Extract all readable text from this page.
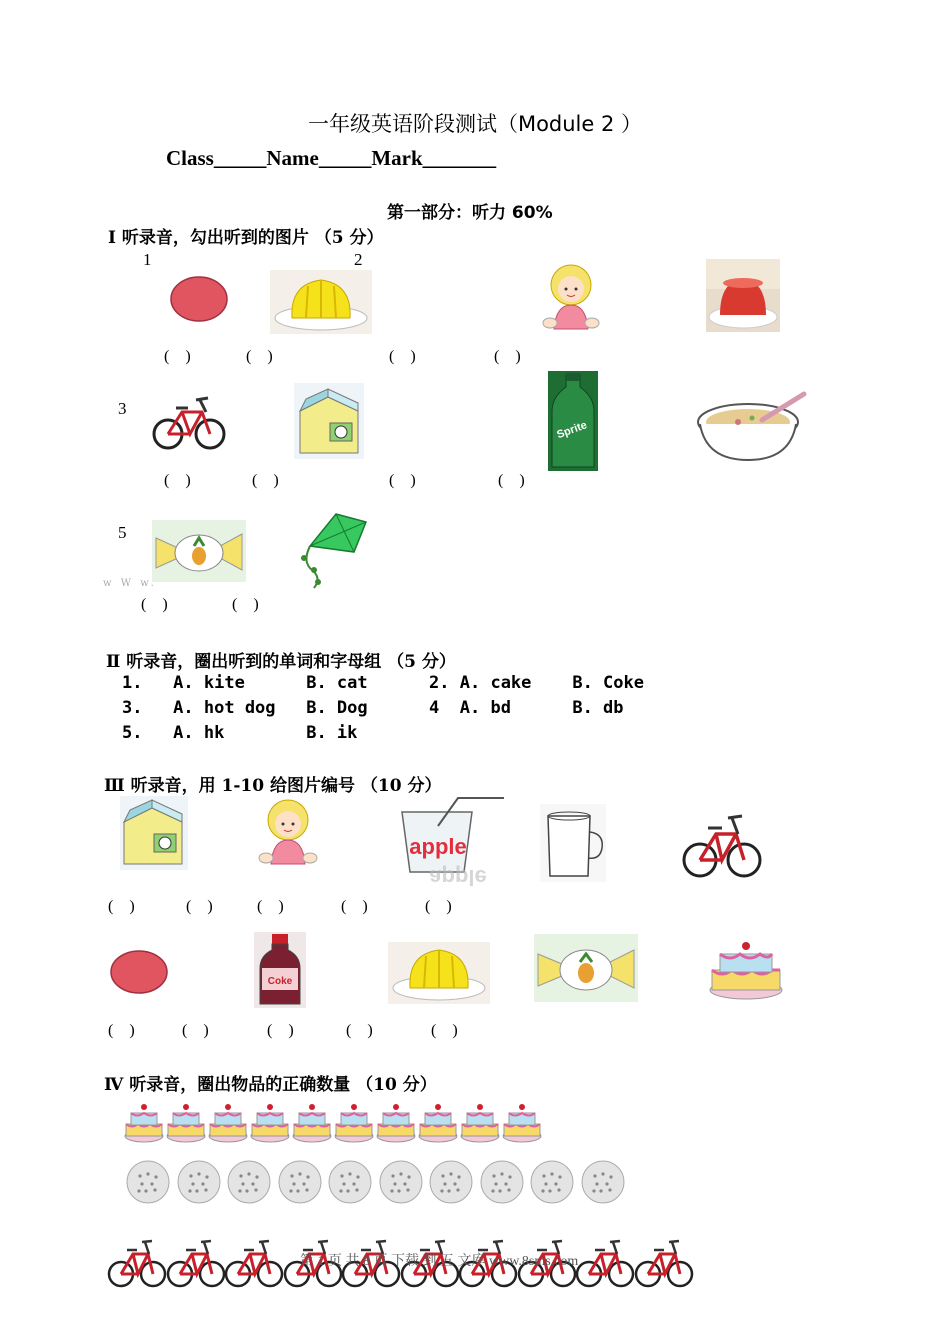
一年级英语阶段测试（Module 2 ）
Class_____Name_____Mark_______
第一部分：听力 60%
Ⅰ 听录音，勾出听到的图片 （5 分）
1	2
(    )	(    )	(    )	(    )
3
Sprite
(    )	(    )	(    )	(    )
5
w W w.
(    )	(    )
Ⅱ 听录音，圈出听到的单词和字母组 （5 分）
1.   A. kite      B. cat      2. A. cake    B. Coke
3.   A. hot dog   B. Dog      4  A. bd      B. db
5.   A. hk        B. ik
Ⅲ 听录音，用 1-10 给图片编号 （10 分）
apple
apple
(    )	(    )	(    )	(    )	(    )
Coke
(    )	(    )	(    )	(    )	(    )
Ⅳ 听录音，圈出物品的正确数量 （10 分）
第 1 页 共 8 页 下载 到 五 文库 www.8sms.com
